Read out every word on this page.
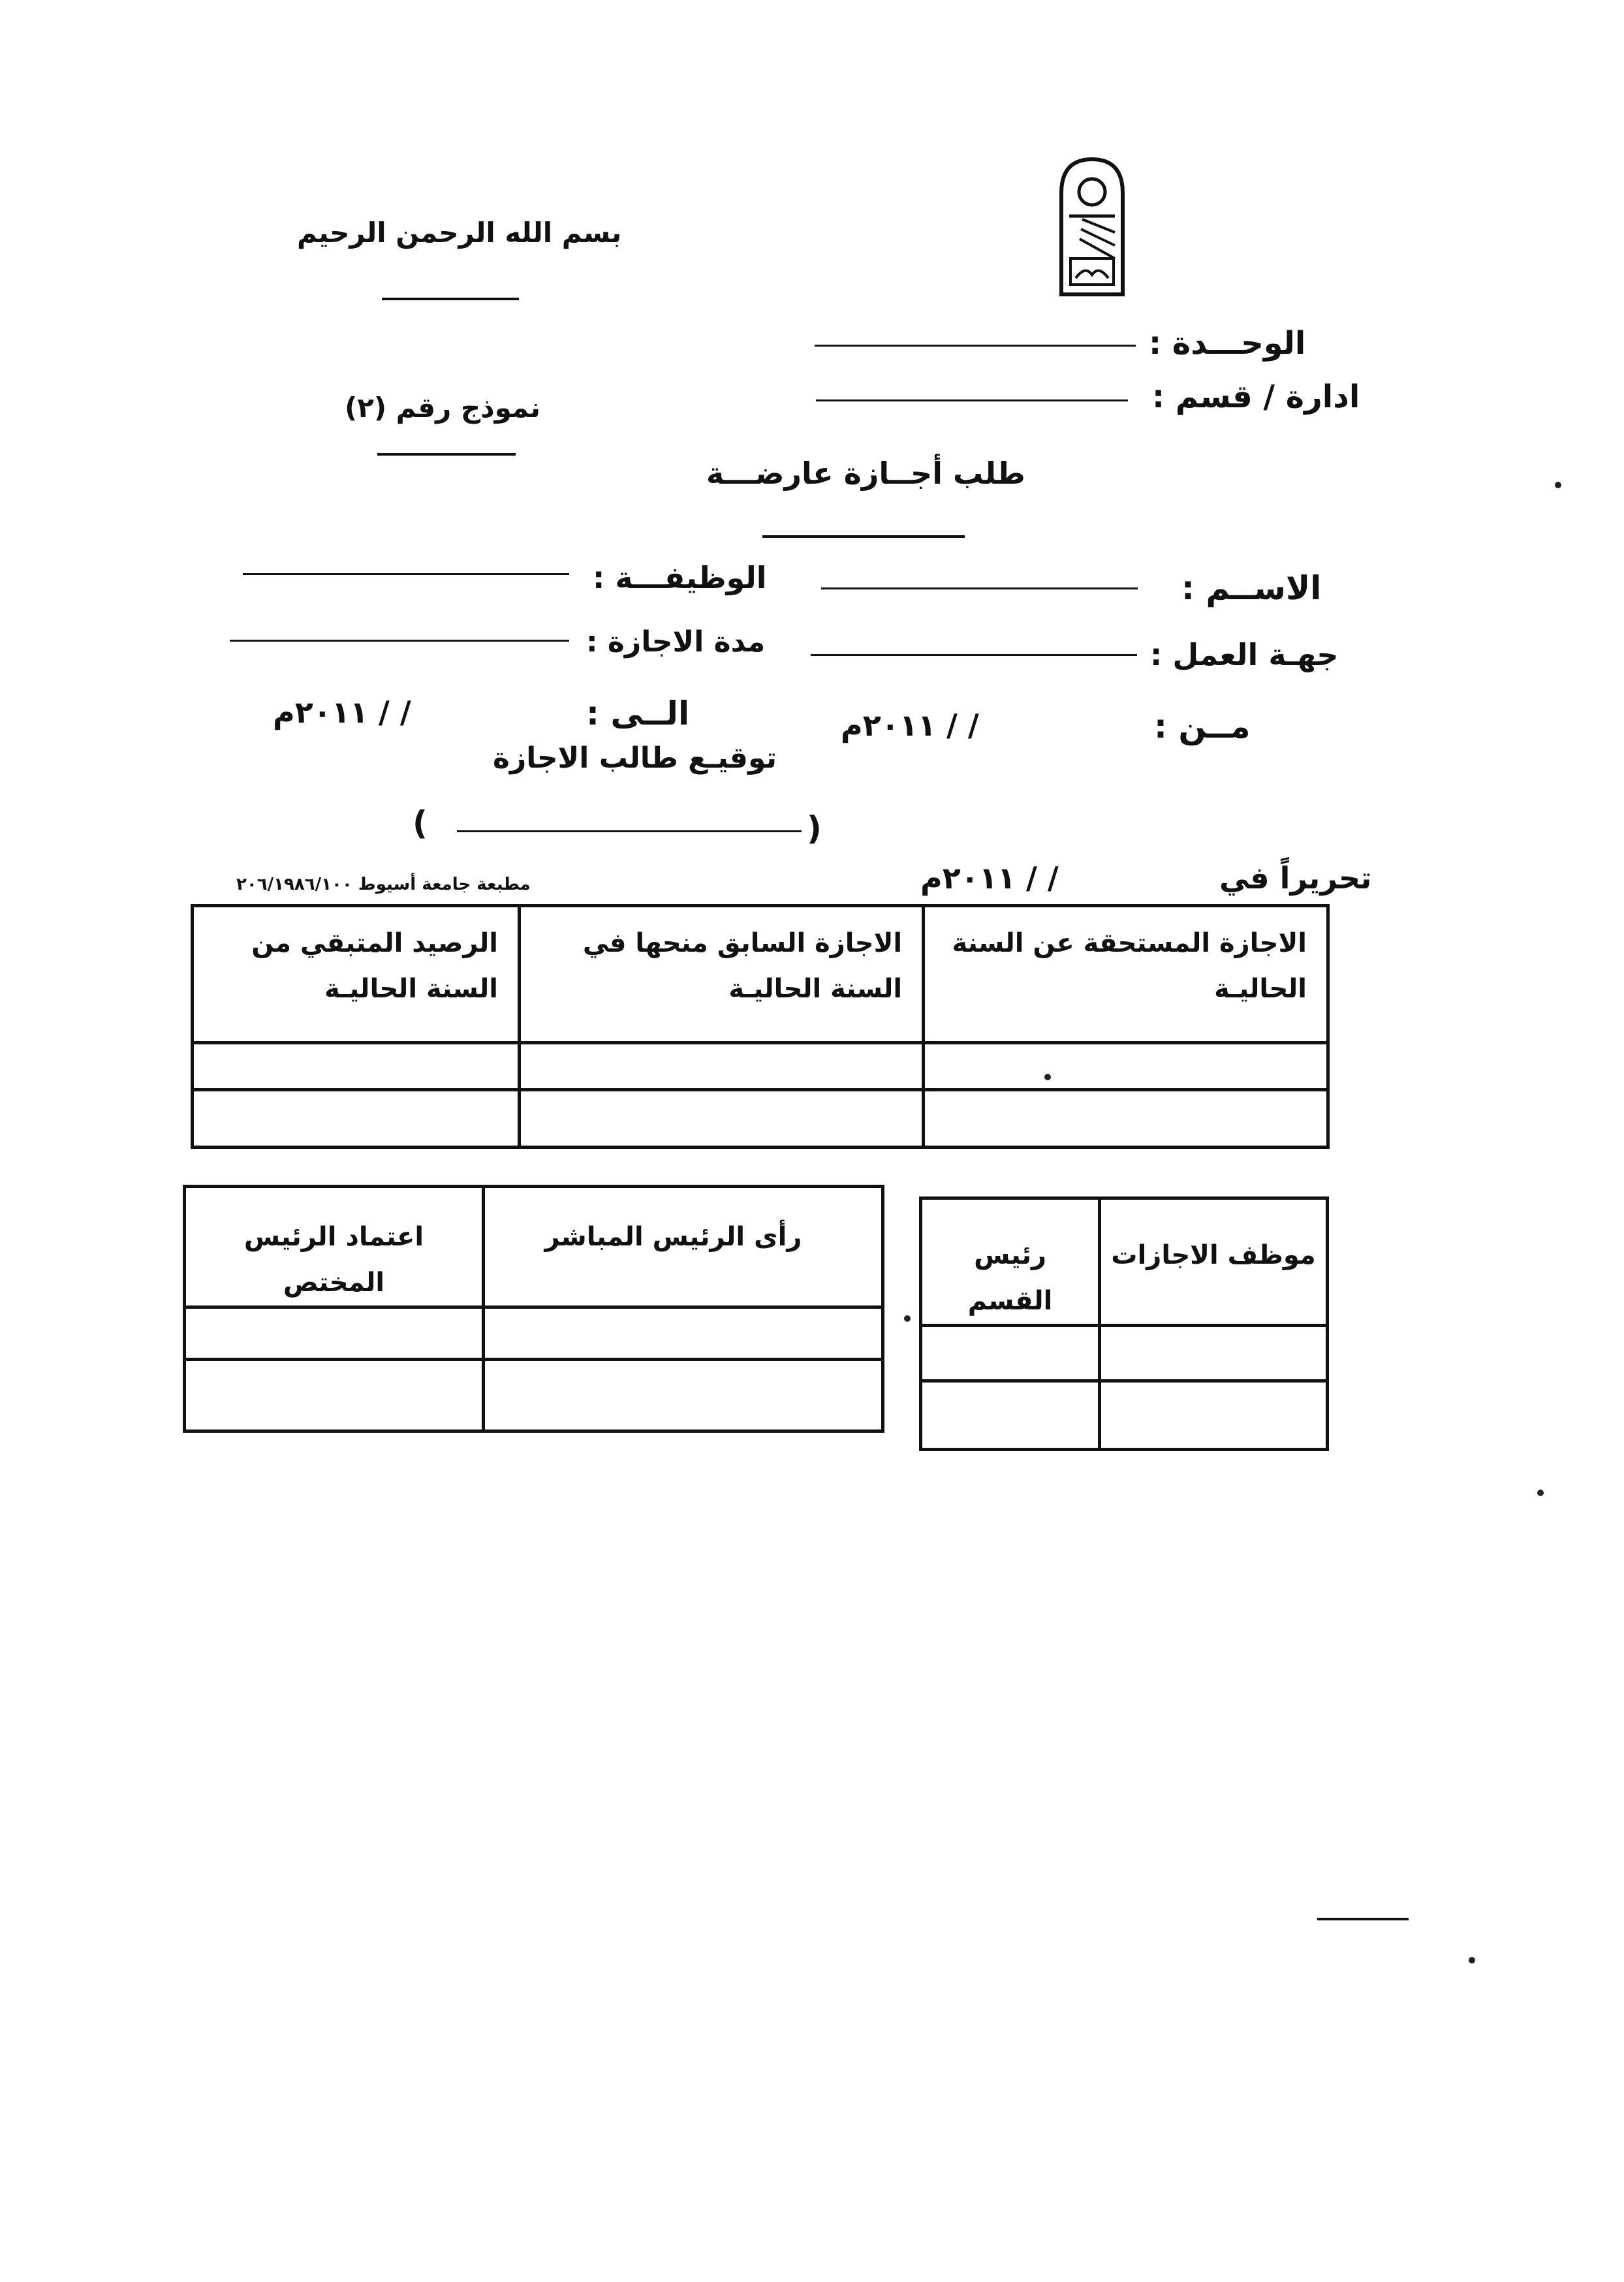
بسم الله الرحمن الرحيم
الوحـــدة :
ادارة / قسم :
نموذج رقم (٢)
طلب أجــازة عارضـــة
الاســم :
الوظيفـــة :
جهـة العمل :
مدة الاجازة :
مــن :
/ / ٢٠١١م
الــى :
/ / ٢٠١١م
توقيـع طالب الاجازة
)	(
مطبعة جامعة أسيوط ٢٠٦/١٩٨٦/١٠٠	/ / ٢٠١١م	تحريراً في
الرصيد المتبقي من السنة الحاليـة	الاجازة السابق منحها في السنة الحاليـة	الاجازة المستحقة عن السنة الحاليـة

اعتماد الرئيس المختص	رأى الرئيس المباشر

رئيس القسم	موظف الاجازات
